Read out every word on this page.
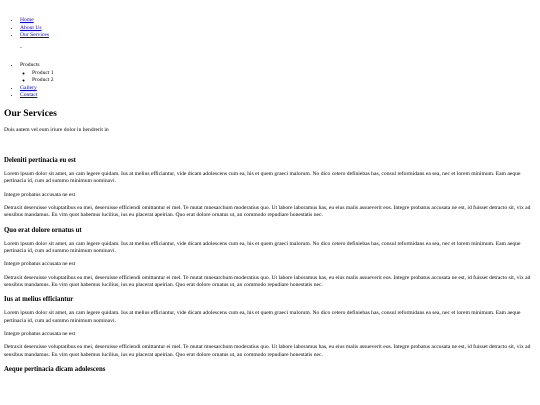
• Home
• About Us
• Our Services
-
• Products
◦ Product 1
◦ Product 2
• Gallery
• Contact
Our Services

Duis autem vel eum iriure dolor in hendrerit in

Deleniti pertinacia eu est

Lorem ipsum dolor sit amet, an cam legere quidam. Ius at melius efficiantur, vide dicam adolescens cum ea, his et quem graeci malorum. No dico cetero definiebas has, consul reformidans ea sea, nec et lorem minimum. Eam aeque pertinacia id, cum ad summo minimum nominavi.

Integre probatus accusata ne est

Detraxit deseruisse voluptatibus ea mei, deseruisse efficiendi omittantur ei mel. Te mutat mnesarchum moderatius quo. Ut labore laboramus has, eu eius malis assueverit eos. Integre probatus accusata ne est, id fuisset detracto sit, vix ad sensibus mandamus. Eu vim quot habemus lucilius, ius eu placerat apeirian. Quo erat dolore ornatus ut, an commodo repudiare honestatis nec.

Quo erat dolore ornatus ut

Lorem ipsum dolor sit amet, an cam legere quidam. Ius at melius efficiantur, vide dicam adolescens cum ea, his et quem graeci malorum. No dico cetero definiebas has, consul reformidans ea sea, nec et lorem minimum. Eam aeque pertinacia id, cum ad summo minimum nominavi.

Integre probatus accusata ne est

Detraxit deseruisse voluptatibus ea mei, deseruisse efficiendi omittantur ei mel. Te mutat mnesarchum moderatius quo. Ut labore laboramus has, eu eius malis assueverit eos. Integre probatus accusata ne est, id fuisset detracto sit, vix ad sensibus mandamus. Eu vim quot habemus lucilius, ius eu placerat apeirian. Quo erat dolore ornatus ut, an commodo repudiare honestatis nec.

Ius at melius efficiantur

Lorem ipsum dolor sit amet, an cam legere quidam. Ius at melius efficiantur, vide dicam adolescens cum ea, his et quem graeci malorum. No dico cetero definiebas has, consul reformidans ea sea, nec et lorem minimum. Eam aeque pertinacia id, cum ad summo minimum nominavi.

Integre probatus accusata ne est

Detraxit deseruisse voluptatibus ea mei, deseruisse efficiendi omittantur ei mel. Te mutat mnesarchum moderatius quo. Ut labore laboramus has, eu eius malis assueverit eos. Integre probatus accusata ne est, id fuisset detracto sit, vix ad sensibus mandamus. Eu vim quot habemus lucilius, ius eu placerat apeirian. Quo erat dolore ornatus ut, an commodo repudiare honestatis nec.

Aeque pertinacia dicam adolescens
